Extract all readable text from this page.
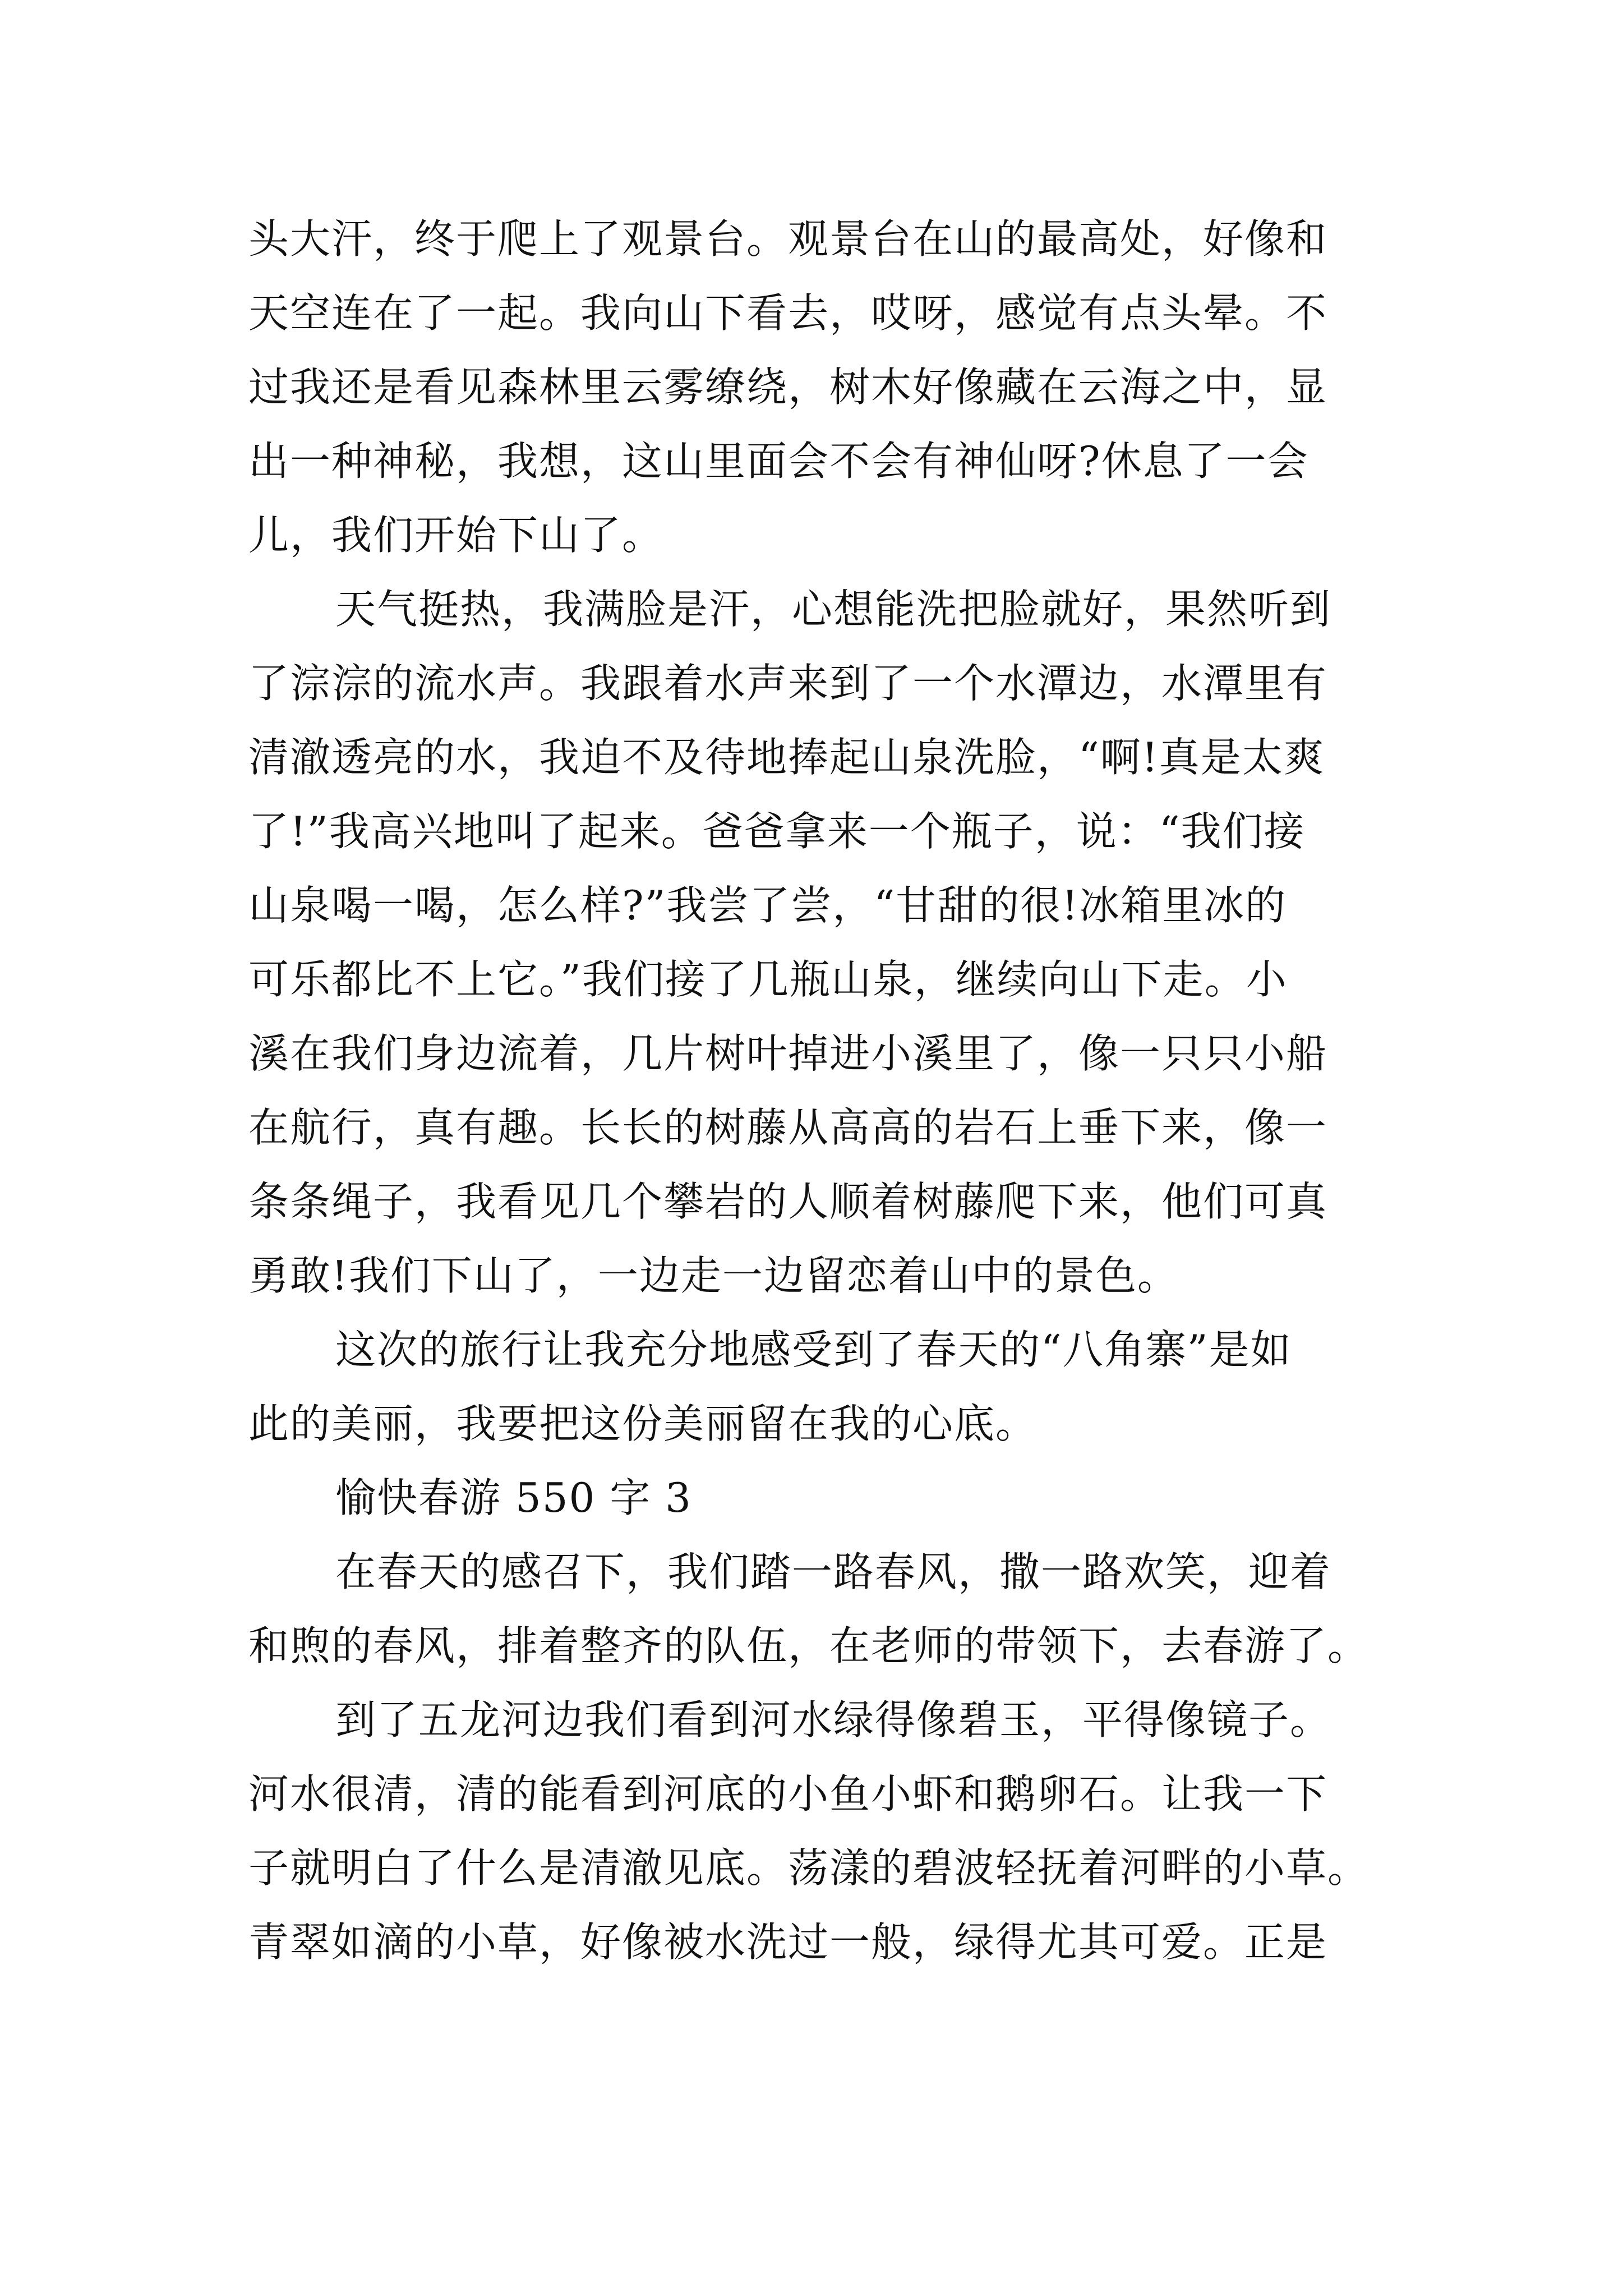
头大汗，终于爬上了观景台。观景台在山的最高处，好像和
天空连在了一起。我向山下看去，哎呀，感觉有点头晕。不
过我还是看见森林里云雾缭绕，树木好像藏在云海之中，显
出一种神秘，我想，这山里面会不会有神仙呀?休息了一会
儿，我们开始下山了。
天气挺热，我满脸是汗，心想能洗把脸就好，果然听到
了淙淙的流水声。我跟着水声来到了一个水潭边，水潭里有
清澈透亮的水，我迫不及待地捧起山泉洗脸，“啊!真是太爽
了!”我高兴地叫了起来。爸爸拿来一个瓶子，说：“我们接
山泉喝一喝，怎么样?”我尝了尝，“甘甜的很!冰箱里冰的
可乐都比不上它。”我们接了几瓶山泉，继续向山下走。小
溪在我们身边流着，几片树叶掉进小溪里了，像一只只小船
在航行，真有趣。长长的树藤从高高的岩石上垂下来，像一
条条绳子，我看见几个攀岩的人顺着树藤爬下来，他们可真
勇敢!我们下山了，一边走一边留恋着山中的景色。
这次的旅行让我充分地感受到了春天的“八角寨”是如
此的美丽，我要把这份美丽留在我的心底。
愉快春游 550 字 3
在春天的感召下，我们踏一路春风，撒一路欢笑，迎着
和煦的春风，排着整齐的队伍，在老师的带领下，去春游了。
到了五龙河边我们看到河水绿得像碧玉，平得像镜子。
河水很清，清的能看到河底的小鱼小虾和鹅卵石。让我一下
子就明白了什么是清澈见底。荡漾的碧波轻抚着河畔的小草。
青翠如滴的小草，好像被水洗过一般，绿得尤其可爱。正是
